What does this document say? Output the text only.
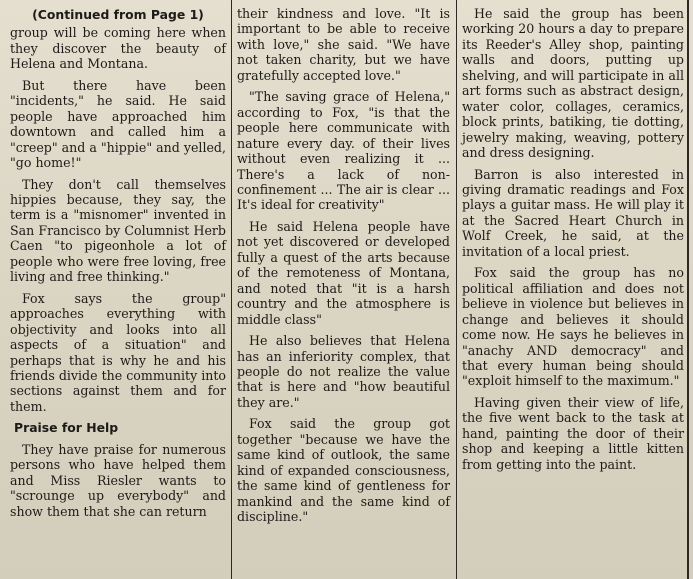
(Continued from Page 1)

group will be coming here when they discover the beauty of Helena and Montana.

But there have been "incidents," he said. He said people have approached him downtown and called him a "creep" and a "hippie" and yelled, "go home!"

They don't call themselves hippies because, they say, the term is a "misnomer" invented in San Francisco by Columnist Herb Caen "to pigeonhole a lot of people who were free loving, free living and free thinking."

Fox says the group" approaches everything with objectivity and looks into all aspects of a situation" and perhaps that is why he and his friends divide the community into sections against them and for them.

Praise for Help

They have praise for numerous persons who have helped them and Miss Riesler wants to "scrounge up everybody" and show them that she can return

their kindness and love. "It is important to be able to receive with love," she said. "We have not taken charity, but we have gratefully accepted love."

"The saving grace of Helena," according to Fox, "is that the people here communicate with nature every day. of their lives without even realizing it ... There's a lack of non-confinement ... The air is clear ... It's ideal for creativity"

He said Helena people have not yet discovered or developed fully a quest of the arts because of the remoteness of Montana, and noted that "it is a harsh country and the atmosphere is middle class"

He also believes that Helena has an inferiority complex, that people do not realize the value that is here and "how beautiful they are."

Fox said the group got together "because we have the same kind of outlook, the same kind of expanded consciousness, the same kind of gentleness for mankind and the same kind of discipline."

He said the group has been working 20 hours a day to prepare its Reeder's Alley shop, painting walls and doors, putting up shelving, and will participate in all art forms such as abstract design, water color, collages, ceramics, block prints, batiking, tie dotting, jewelry making, weaving, pottery and dress designing.

Barron is also interested in giving dramatic readings and Fox plays a guitar mass. He will play it at the Sacred Heart Church in Wolf Creek, he said, at the invitation of a local priest.

Fox said the group has no political affiliation and does not believe in violence but believes in change and believes it should come now. He says he believes in "anachy AND democracy" and that every human being should "exploit himself to the maximum."

Having given their view of life, the five went back to the task at hand, painting the door of their shop and keeping a little kitten from getting into the paint.
